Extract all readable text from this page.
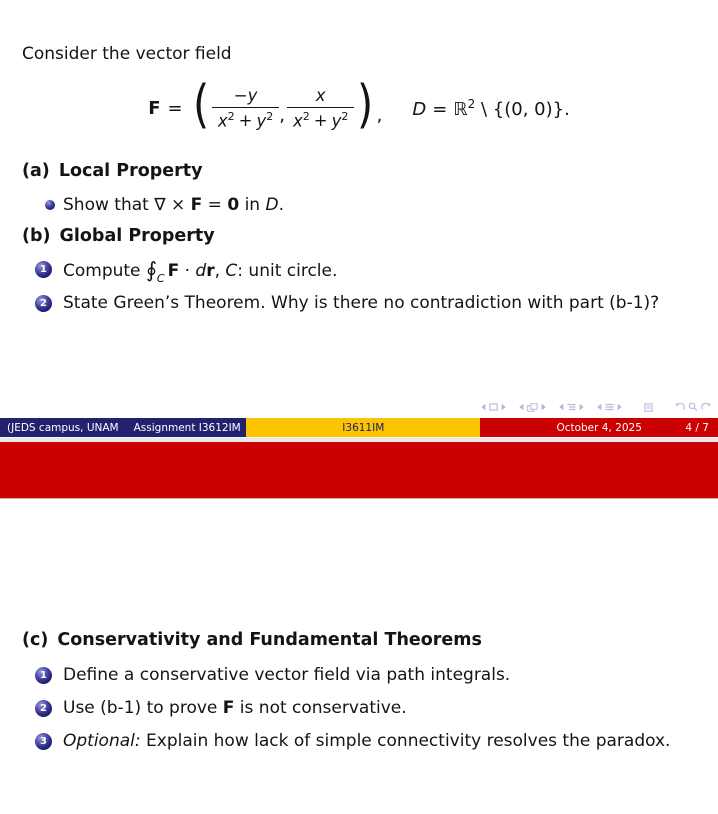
Consider the vector field
F = ( $\frac{-y}{x^2 + y^2}$ , $\frac{x}{x^2 + y^2}$ ) , D = ℝ$^2$ \ {(0, 0)}.
(a) Local Property
Show that ∇ × F = 0 in D.
(b) Global Property
1 Compute $∮_C$ F · dr, C: unit circle.
2 State Green’s Theorem. Why is there no contradiction with part (b-1)?
(JEDS campus, UNAM Assignment I3612IM	I3611IM	October 4, 2025	4 / 7
(c) Conservativity and Fundamental Theorems
1 Define a conservative vector field via path integrals.
2 Use (b-1) to prove F is not conservative.
3 Optional: Explain how lack of simple connectivity resolves the paradox.
